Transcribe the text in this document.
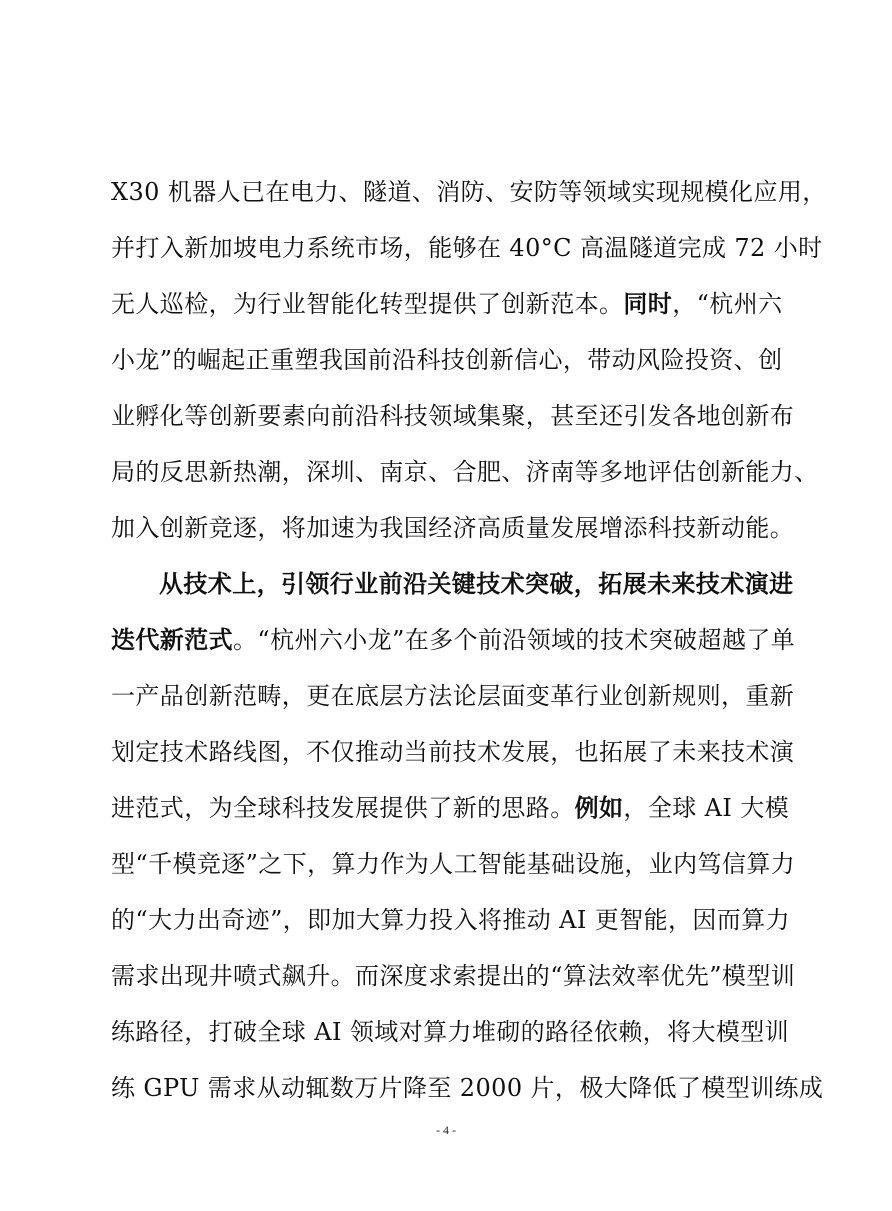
X30 机器人已在电力、隧道、消防、安防等领域实现规模化应用，
并打入新加坡电力系统市场，能够在 40°C 高温隧道完成 72 小时
无人巡检，为行业智能化转型提供了创新范本。同时，“杭州六
小龙”的崛起正重塑我国前沿科技创新信心，带动风险投资、创
业孵化等创新要素向前沿科技领域集聚，甚至还引发各地创新布
局的反思新热潮，深圳、南京、合肥、济南等多地评估创新能力、
加入创新竞逐，将加速为我国经济高质量发展增添科技新动能。
从技术上，引领行业前沿关键技术突破，拓展未来技术演进
迭代新范式。“杭州六小龙”在多个前沿领域的技术突破超越了单
一产品创新范畴，更在底层方法论层面变革行业创新规则，重新
划定技术路线图，不仅推动当前技术发展，也拓展了未来技术演
进范式，为全球科技发展提供了新的思路。例如，全球 AI 大模
型“千模竞逐”之下，算力作为人工智能基础设施，业内笃信算力
的“大力出奇迹”，即加大算力投入将推动 AI 更智能，因而算力
需求出现井喷式飙升。而深度求索提出的“算法效率优先”模型训
练路径，打破全球 AI 领域对算力堆砌的路径依赖，将大模型训
练 GPU 需求从动辄数万片降至 2000 片，极大降低了模型训练成
- 4 -
